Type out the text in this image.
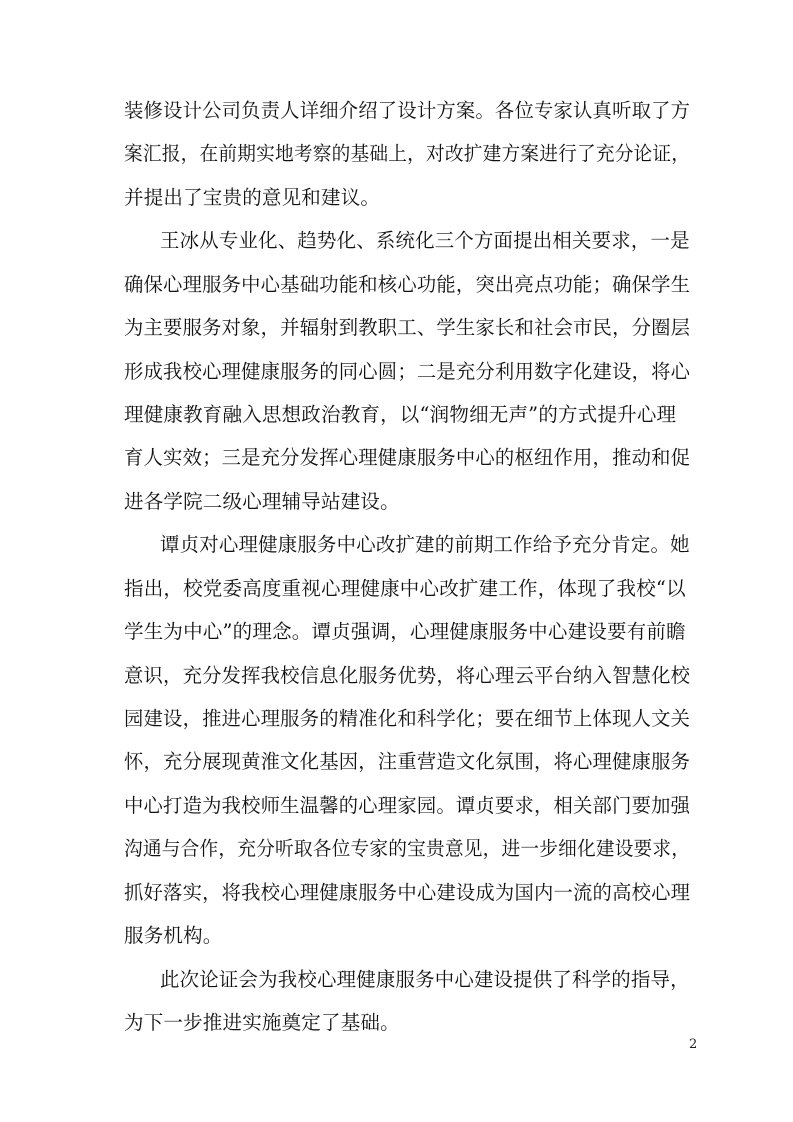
装修设计公司负责人详细介绍了设计方案。各位专家认真听取了方
案汇报，在前期实地考察的基础上，对改扩建方案进行了充分论证，
并提出了宝贵的意见和建议。
王冰从专业化、趋势化、系统化三个方面提出相关要求，一是
确保心理服务中心基础功能和核心功能，突出亮点功能；确保学生
为主要服务对象，并辐射到教职工、学生家长和社会市民，分圈层
形成我校心理健康服务的同心圆；二是充分利用数字化建设，将心
理健康教育融入思想政治教育，以“润物细无声”的方式提升心理
育人实效；三是充分发挥心理健康服务中心的枢纽作用，推动和促
进各学院二级心理辅导站建设。
谭贞对心理健康服务中心改扩建的前期工作给予充分肯定。她
指出，校党委高度重视心理健康中心改扩建工作，体现了我校“以
学生为中心”的理念。谭贞强调，心理健康服务中心建设要有前瞻
意识，充分发挥我校信息化服务优势，将心理云平台纳入智慧化校
园建设，推进心理服务的精准化和科学化；要在细节上体现人文关
怀，充分展现黄淮文化基因，注重营造文化氛围，将心理健康服务
中心打造为我校师生温馨的心理家园。谭贞要求，相关部门要加强
沟通与合作，充分听取各位专家的宝贵意见，进一步细化建设要求，
抓好落实，将我校心理健康服务中心建设成为国内一流的高校心理
服务机构。
此次论证会为我校心理健康服务中心建设提供了科学的指导，
为下一步推进实施奠定了基础。
2
